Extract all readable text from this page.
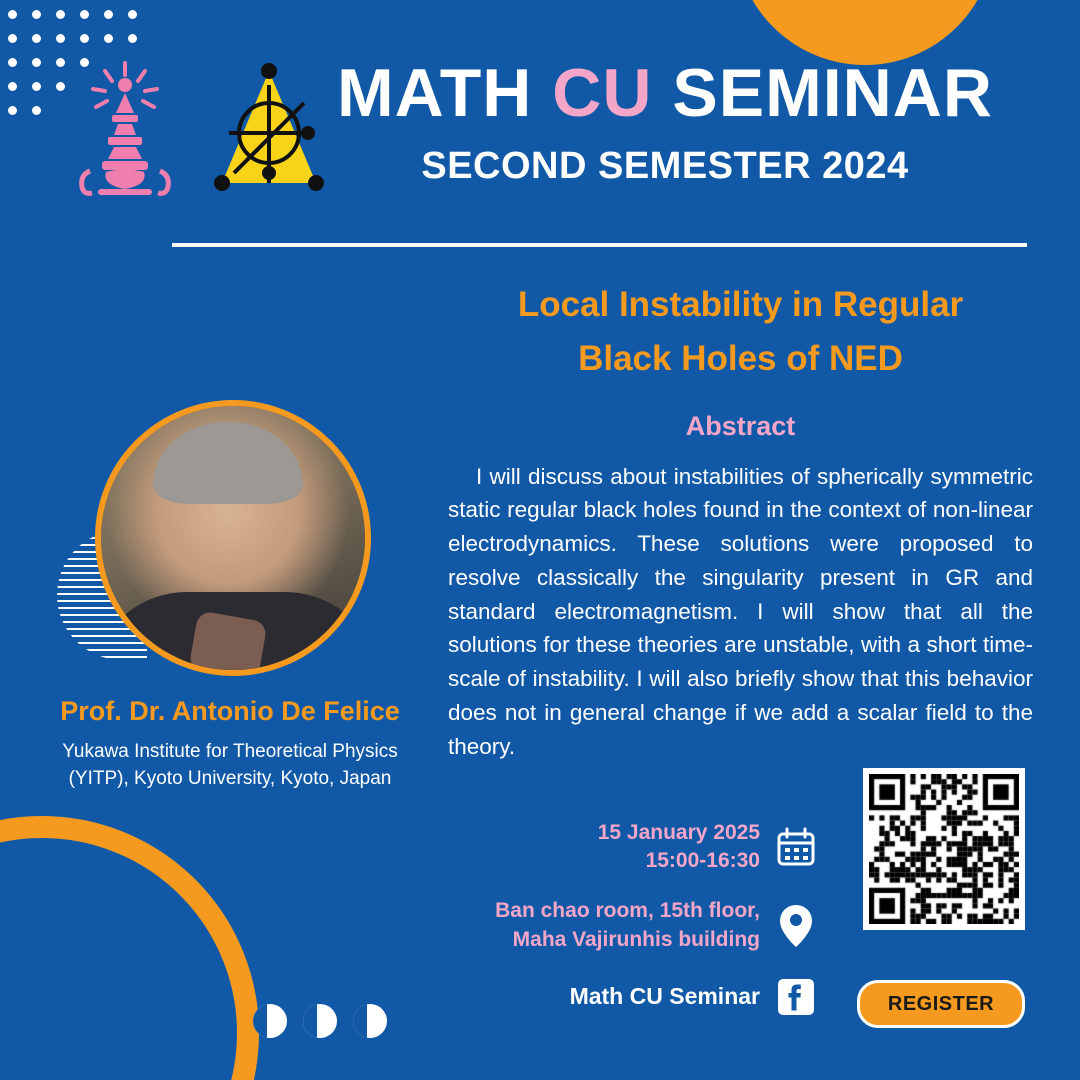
MATH CU SEMINAR
SECOND SEMESTER 2024
Local Instability in Regular
Black Holes of NED
Abstract
I will discuss about instabilities of spherically symmetric static regular black holes found in the context of non-linear electrodynamics. These solutions were proposed to resolve classically the singularity present in GR and standard electromagnetism. I will show that all the solutions for these theories are unstable, with a short time-scale of instability. I will also briefly show that this behavior does not in general change if we add a scalar field to the theory.
Prof. Dr. Antonio De Felice
Yukawa Institute for Theoretical Physics
(YITP), Kyoto University, Kyoto, Japan
15 January 2025
15:00-16:30
Ban chao room, 15th floor,
Maha Vajirunhis building
Math CU Seminar	REGISTER
